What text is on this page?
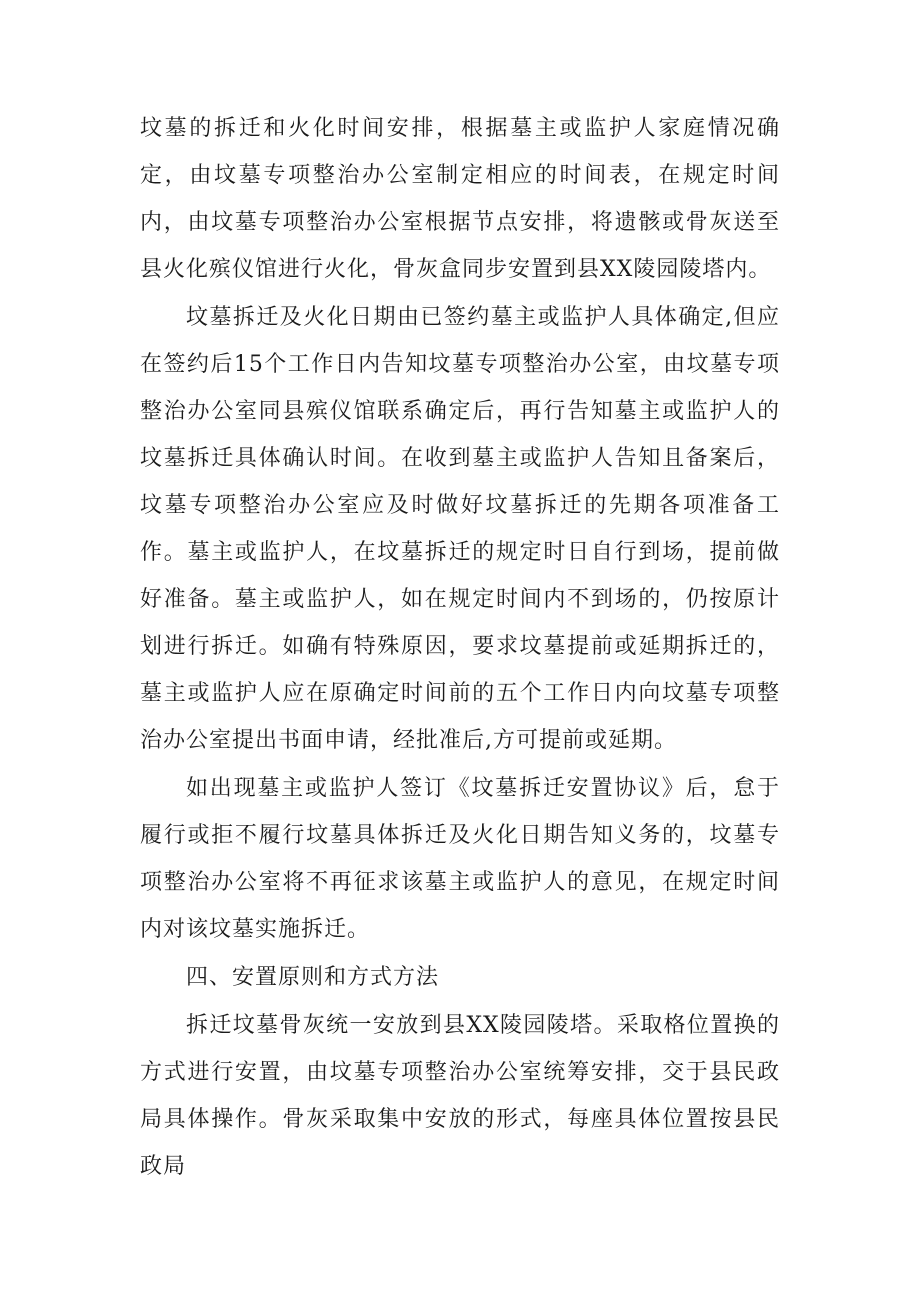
坟墓的拆迁和火化时间安排，根据墓主或监护人家庭情况确定，由坟墓专项整治办公室制定相应的时间表，在规定时间内，由坟墓专项整治办公室根据节点安排，将遗骸或骨灰送至县火化殡仪馆进行火化，骨灰盒同步安置到县XX陵园陵塔内。

坟墓拆迁及火化日期由已签约墓主或监护人具体确定,但应在签约后15个工作日内告知坟墓专项整治办公室，由坟墓专项整治办公室同县殡仪馆联系确定后，再行告知墓主或监护人的坟墓拆迁具体确认时间。在收到墓主或监护人告知且备案后，坟墓专项整治办公室应及时做好坟墓拆迁的先期各项准备工作。墓主或监护人，在坟墓拆迁的规定时日自行到场，提前做好准备。墓主或监护人，如在规定时间内不到场的，仍按原计划进行拆迁。如确有特殊原因，要求坟墓提前或延期拆迁的，墓主或监护人应在原确定时间前的五个工作日内向坟墓专项整治办公室提出书面申请，经批准后,方可提前或延期。

如出现墓主或监护人签订《坟墓拆迁安置协议》后，怠于履行或拒不履行坟墓具体拆迁及火化日期告知义务的，坟墓专项整治办公室将不再征求该墓主或监护人的意见，在规定时间内对该坟墓实施拆迁。

四、安置原则和方式方法

拆迁坟墓骨灰统一安放到县XX陵园陵塔。采取格位置换的方式进行安置，由坟墓专项整治办公室统筹安排，交于县民政局具体操作。骨灰采取集中安放的形式，每座具体位置按县民政局
